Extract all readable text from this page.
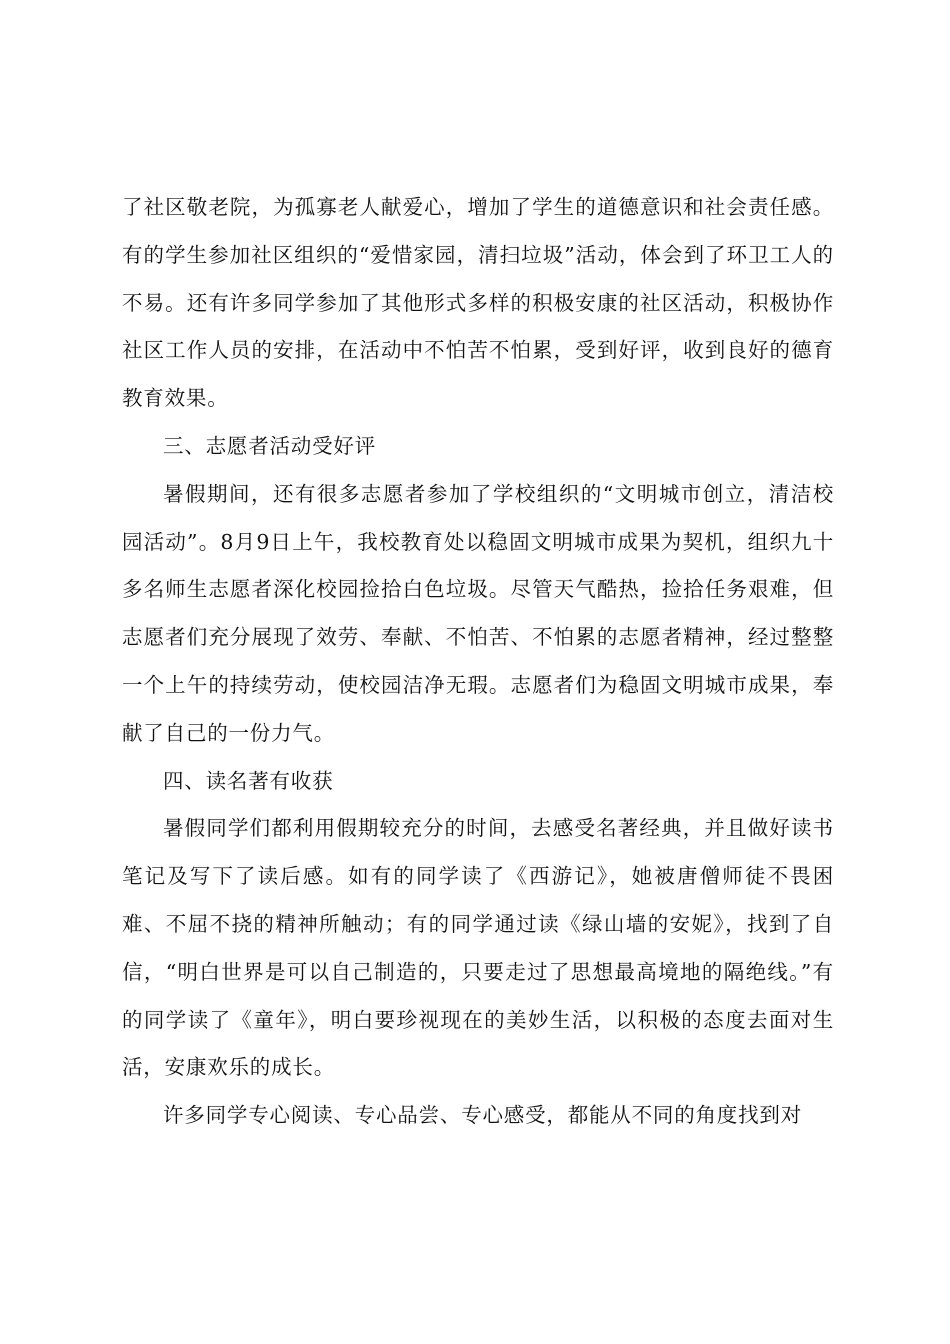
了社区敬老院，为孤寡老人献爱心，增加了学生的道德意识和社会责任感。有的学生参加社区组织的“爱惜家园，清扫垃圾”活动，体会到了环卫工人的不易。还有许多同学参加了其他形式多样的积极安康的社区活动，积极协作社区工作人员的安排，在活动中不怕苦不怕累，受到好评，收到良好的德育教育效果。

三、志愿者活动受好评

暑假期间，还有很多志愿者参加了学校组织的“文明城市创立，清洁校园活动”。8月9日上午，我校教育处以稳固文明城市成果为契机，组织九十多名师生志愿者深化校园捡拾白色垃圾。尽管天气酷热，捡拾任务艰难，但志愿者们充分展现了效劳、奉献、不怕苦、不怕累的志愿者精神，经过整整一个上午的持续劳动，使校园洁净无瑕。志愿者们为稳固文明城市成果，奉献了自己的一份力气。

四、读名著有收获

暑假同学们都利用假期较充分的时间，去感受名著经典，并且做好读书笔记及写下了读后感。如有的同学读了《西游记》，她被唐僧师徒不畏困难、不屈不挠的精神所触动；有的同学通过读《绿山墙的安妮》，找到了自信，“明白世界是可以自己制造的，只要走过了思想最高境地的隔绝线。”有的同学读了《童年》，明白要珍视现在的美妙生活，以积极的态度去面对生活，安康欢乐的成长。

许多同学专心阅读、专心品尝、专心感受，都能从不同的角度找到对
